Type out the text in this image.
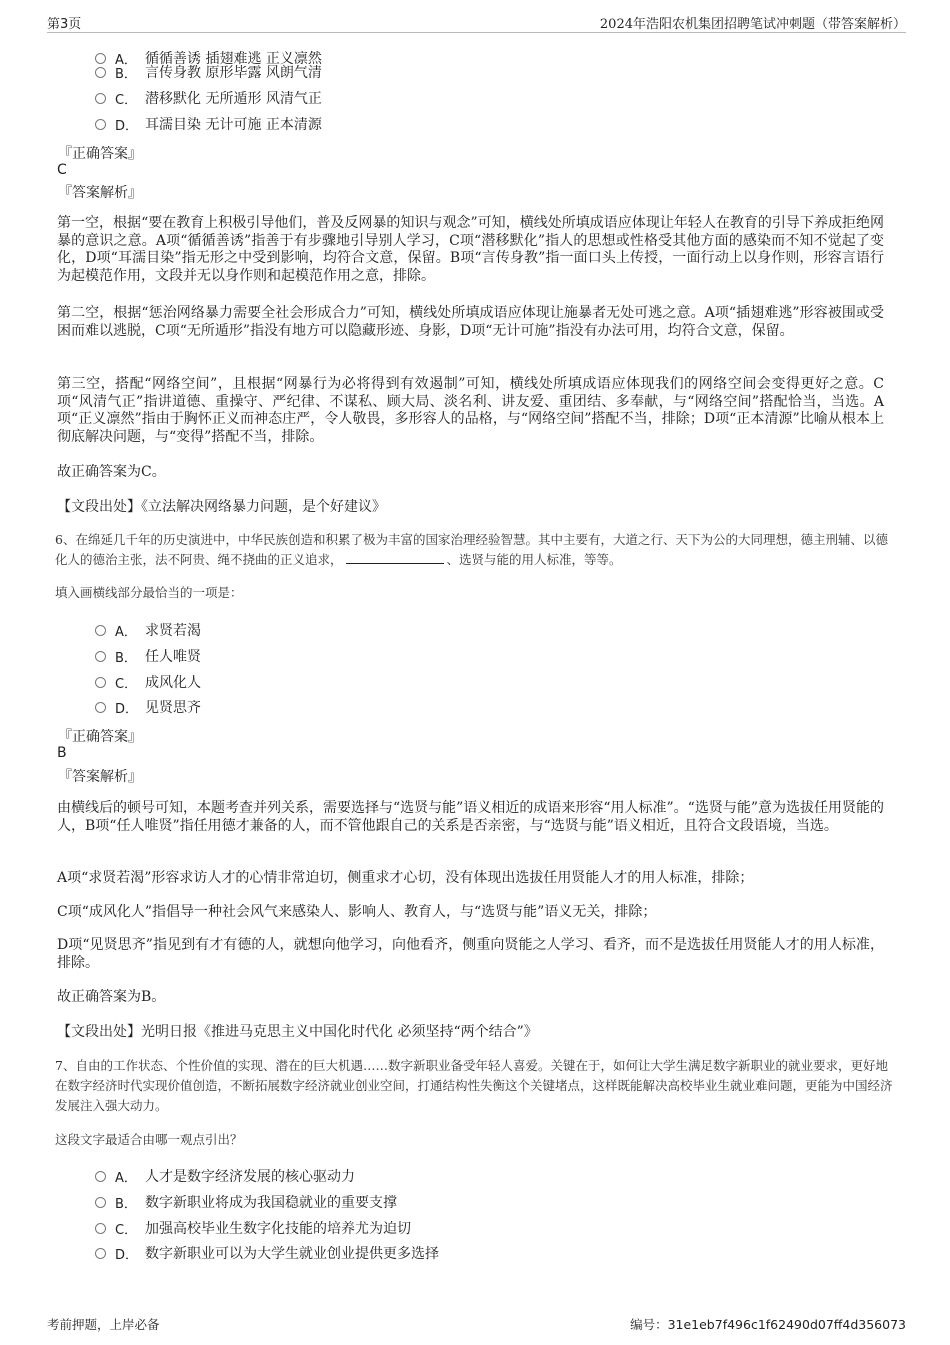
第3页	2024年浩阳农机集团招聘笔试冲刺题（带答案解析）
A． 循循善诱 插翅难逃 正义凛然
B． 言传身教 原形毕露 风朗气清
C． 潜移默化 无所遁形 风清气正
D． 耳濡目染 无计可施 正本清源
『正确答案』
C
『答案解析』
第一空，根据“要在教育上积极引导他们，普及反网暴的知识与观念”可知，横线处所填成语应体现让年轻人在教育的引导下养成拒绝网暴的意识之意。A项“循循善诱”指善于有步骤地引导别人学习，C项“潜移默化”指人的思想或性格受其他方面的感染而不知不觉起了变化，D项“耳濡目染”指无形之中受到影响，均符合文意，保留。B项“言传身教”指一面口头上传授，一面行动上以身作则，形容言语行为起模范作用，文段并无以身作则和起模范作用之意，排除。
第二空，根据“惩治网络暴力需要全社会形成合力”可知，横线处所填成语应体现让施暴者无处可逃之意。A项“插翅难逃”形容被围或受困而难以逃脱，C项“无所遁形”指没有地方可以隐藏形迹、身影，D项“无计可施”指没有办法可用，均符合文意，保留。
第三空，搭配“网络空间”，且根据“网暴行为必将得到有效遏制”可知，横线处所填成语应体现我们的网络空间会变得更好之意。C项“风清气正”指讲道德、重操守、严纪律、不谋私、顾大局、淡名利、讲友爱、重团结、多奉献，与“网络空间”搭配恰当，当选。A项“正义凛然”指由于胸怀正义而神态庄严，令人敬畏，多形容人的品格，与“网络空间”搭配不当，排除；D项“正本清源”比喻从根本上彻底解决问题，与“变得”搭配不当，排除。
故正确答案为C。
【文段出处】《立法解决网络暴力问题，是个好建议》
6、在绵延几千年的历史演进中，中华民族创造和积累了极为丰富的国家治理经验智慧。其中主要有，大道之行、天下为公的大同理想，德主刑辅、以德化人的德治主张，法不阿贵、绳不挠曲的正义追求，	、选贤与能的用人标准，等等。
填入画横线部分最恰当的一项是：
A． 求贤若渴
B． 任人唯贤
C． 成风化人
D． 见贤思齐
『正确答案』
B
『答案解析』
由横线后的顿号可知，本题考查并列关系，需要选择与“选贤与能”语义相近的成语来形容“用人标准”。“选贤与能”意为选拔任用贤能的人，B项“任人唯贤”指任用德才兼备的人，而不管他跟自己的关系是否亲密，与“选贤与能”语义相近，且符合文段语境，当选。
A项“求贤若渴”形容求访人才的心情非常迫切，侧重求才心切，没有体现出选拔任用贤能人才的用人标准，排除；
C项“成风化人”指倡导一种社会风气来感染人、影响人、教育人，与“选贤与能”语义无关，排除；
D项“见贤思齐”指见到有才有德的人，就想向他学习，向他看齐，侧重向贤能之人学习、看齐，而不是选拔任用贤能人才的用人标准，排除。
故正确答案为B。
【文段出处】光明日报《推进马克思主义中国化时代化 必须坚持“两个结合”》
7、自由的工作状态、个性价值的实现、潜在的巨大机遇……数字新职业备受年轻人喜爱。关键在于，如何让大学生满足数字新职业的就业要求，更好地在数字经济时代实现价值创造，不断拓展数字经济就业创业空间，打通结构性失衡这个关键堵点，这样既能解决高校毕业生就业难问题，更能为中国经济发展注入强大动力。
这段文字最适合由哪一观点引出？
A． 人才是数字经济发展的核心驱动力
B． 数字新职业将成为我国稳就业的重要支撑
C． 加强高校毕业生数字化技能的培养尤为迫切
D． 数字新职业可以为大学生就业创业提供更多选择
考前押题，上岸必备	编号：31e1eb7f496c1f62490d07ff4d356073
